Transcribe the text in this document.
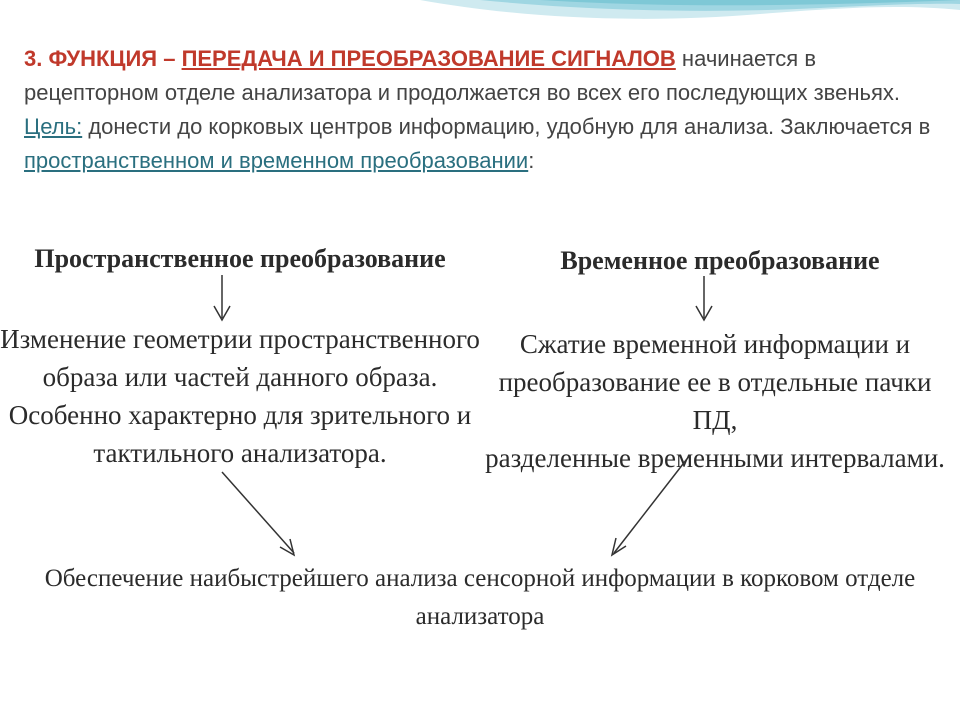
3. ФУНКЦИЯ – ПЕРЕДАЧА И ПРЕОБРАЗОВАНИЕ СИГНАЛОВ начинается в рецепторном отделе анализатора и продолжается во всех его последующих звеньях. Цель: донести до корковых центров информацию, удобную для анализа. Заключается в пространственном и временном преобразовании:
Пространственное преобразование	Временное преобразование
Изменение геометрии пространственного
образа или частей данного образа.
Особенно характерно для зрительного и
тактильного анализатора.
Сжатие временной информации и
преобразование ее в отдельные пачки ПД,
разделенные временными интервалами.
Обеспечение наибыстрейшего анализа сенсорной информации в корковом отделе
анализатора
